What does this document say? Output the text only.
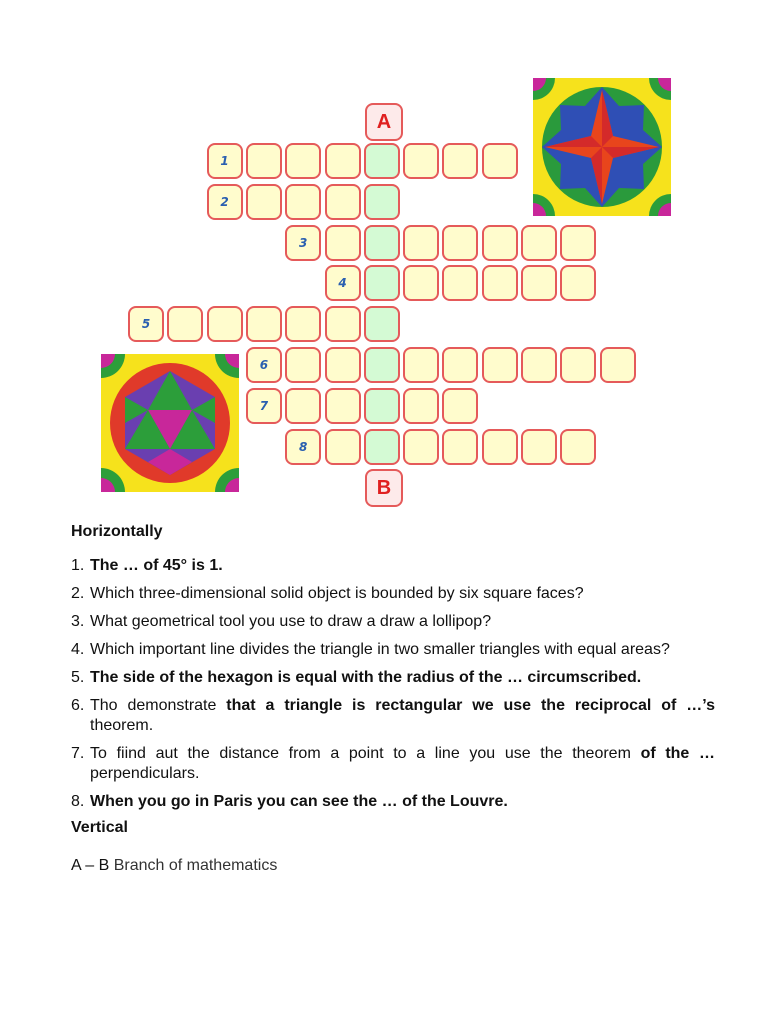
A
B
1
2
3
4
5
6
7
8

Horizontally

1. The … of 45° is 1.
2. Which three-dimensional solid object is bounded by six square faces?
3. What geometrical tool you use to draw a draw a lollipop?
4. Which important line divides the triangle in two smaller triangles with equal areas?
5. The side of the hexagon is equal with the radius of the … circumscribed.
6. Tho demonstrate that a triangle is rectangular we use the reciprocal of …’s theorem.
7. To fiind aut the distance from a point to a line you use the theorem of the … perpendiculars.
8. When you go in Paris you can see the … of the Louvre.

Vertical

A – B Branch of mathematics
